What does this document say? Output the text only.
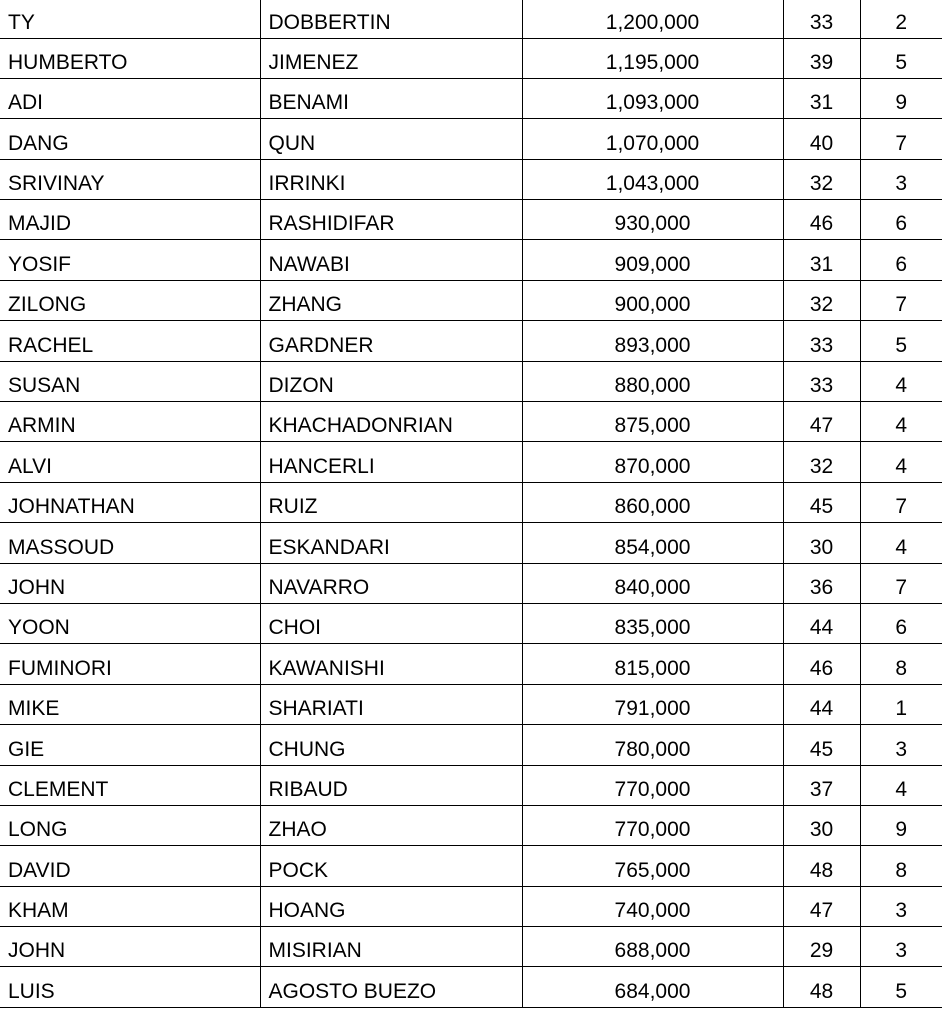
TY	DOBBERTIN	1,200,000	33	2
HUMBERTO	JIMENEZ	1,195,000	39	5
ADI	BENAMI	1,093,000	31	9
DANG	QUN	1,070,000	40	7
SRIVINAY	IRRINKI	1,043,000	32	3
MAJID	RASHIDIFAR	930,000	46	6
YOSIF	NAWABI	909,000	31	6
ZILONG	ZHANG	900,000	32	7
RACHEL	GARDNER	893,000	33	5
SUSAN	DIZON	880,000	33	4
ARMIN	KHACHADONRIAN	875,000	47	4
ALVI	HANCERLI	870,000	32	4
JOHNATHAN	RUIZ	860,000	45	7
MASSOUD	ESKANDARI	854,000	30	4
JOHN	NAVARRO	840,000	36	7
YOON	CHOI	835,000	44	6
FUMINORI	KAWANISHI	815,000	46	8
MIKE	SHARIATI	791,000	44	1
GIE	CHUNG	780,000	45	3
CLEMENT	RIBAUD	770,000	37	4
LONG	ZHAO	770,000	30	9
DAVID	POCK	765,000	48	8
KHAM	HOANG	740,000	47	3
JOHN	MISIRIAN	688,000	29	3
LUIS	AGOSTO BUEZO	684,000	48	5
